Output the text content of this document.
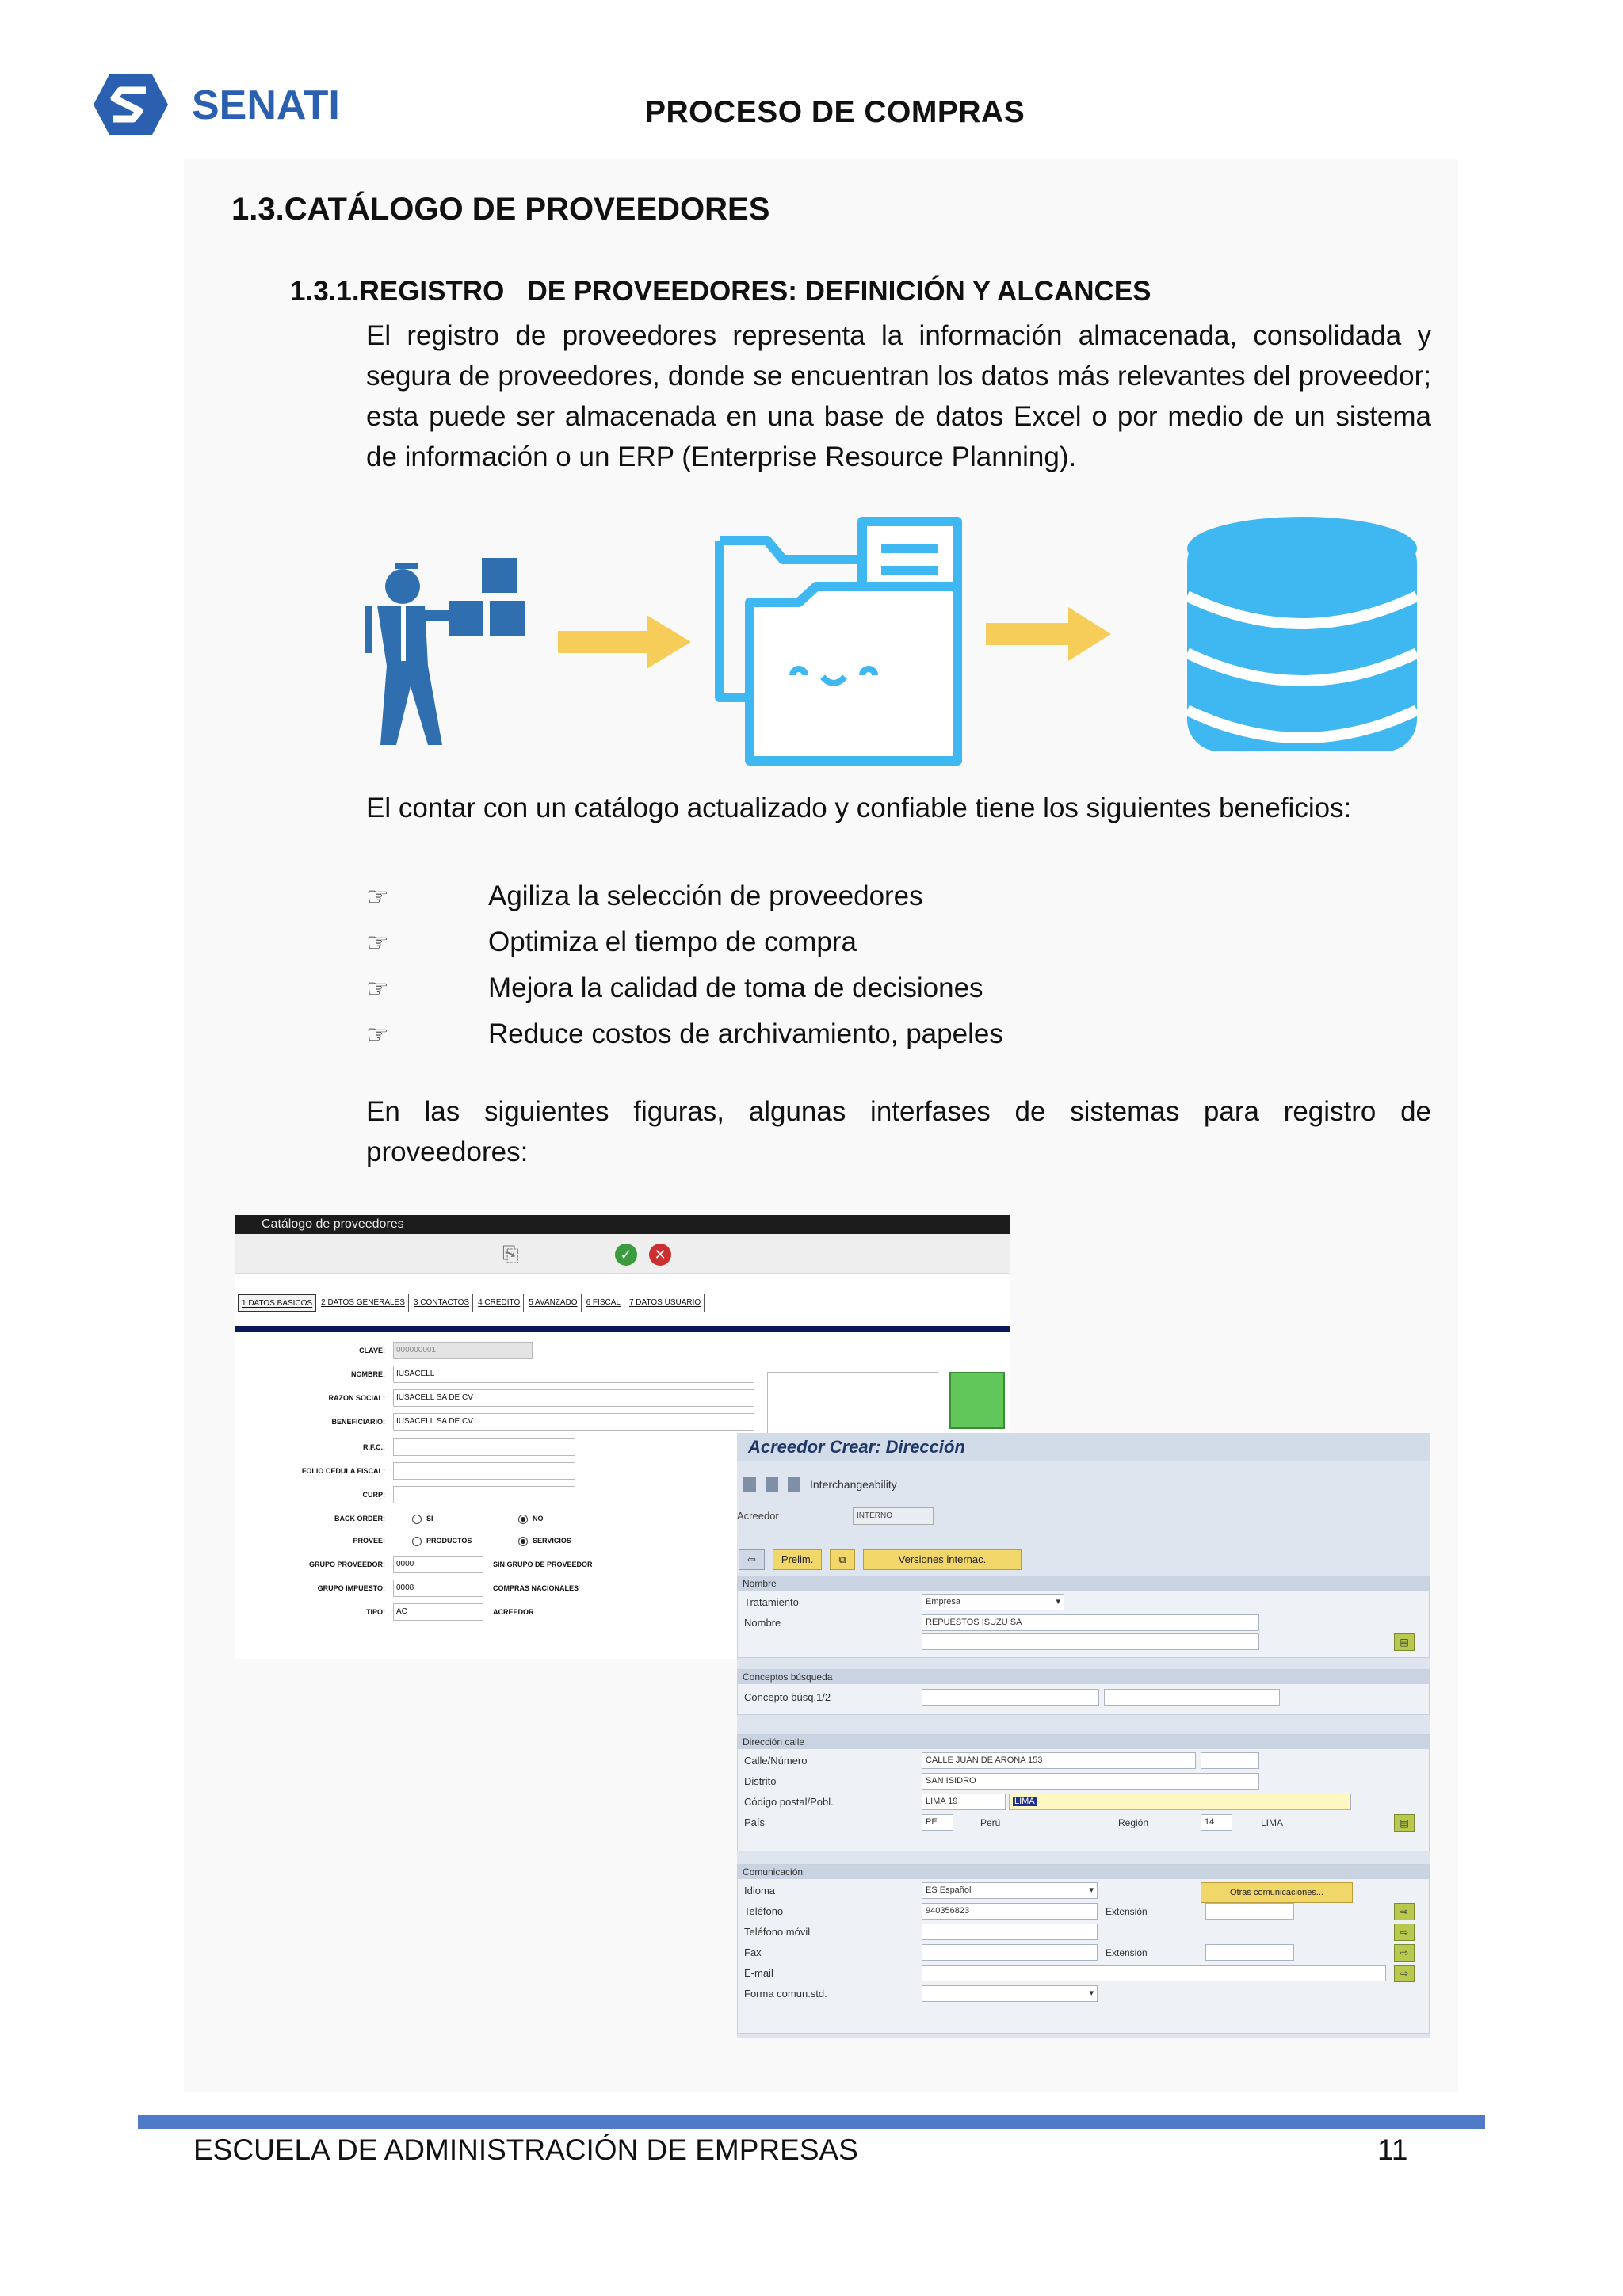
SENATI	PROCESO DE COMPRAS
1.3.CATÁLOGO DE PROVEEDORES
1.3.1.REGISTRO   DE PROVEEDORES: DEFINICIÓN Y ALCANCES

El registro de proveedores representa la información almacenada, consolidada y segura de proveedores, donde se encuentran los datos más relevantes del proveedor; esta puede ser almacenada en una base de datos Excel o por medio de un sistema de información o un ERP (Enterprise Resource Planning).

El contar con un catálogo actualizado y confiable tiene los siguientes beneficios:

☞	Agiliza la selección de proveedores
☞	Optimiza el tiempo de compra
☞	Mejora la calidad de toma de decisiones
☞	Reduce costos de archivamiento, papeles

En las siguientes figuras, algunas interfases de sistemas para registro de proveedores:

Catálogo de proveedores
⎘	✓	✕
1 DATOS BASICOS	2 DATOS GENERALES	3 CONTACTOS	4 CREDITO	5 AVANZADO	6 FISCAL	7 DATOS USUARIO
CLAVE:	000000001
NOMBRE:	IUSACELL
RAZON SOCIAL:	IUSACELL SA DE CV
BENEFICIARIO:	IUSACELL SA DE CV
R.F.C.:
FOLIO CEDULA FISCAL:
CURP:
BACK ORDER:	SI	NO
PROVEE:	PRODUCTOS	SERVICIOS
GRUPO PROVEEDOR:	0000	SIN GRUPO DE PROVEEDOR
GRUPO IMPUESTO:	0008	COMPRAS NACIONALES
TIPO:	AC	ACREEDOR
Acreedor Crear: Dirección
Interchangeability
Acreedor	INTERNO
⇦	Prelim.	⧉	Versiones internac.
Nombre
Tratamiento	Empresa ▾
Nombre	REPUESTOS ISUZU SA
▤
Conceptos búsqueda
Concepto búsq.1/2
Dirección calle
Calle/Número	CALLE JUAN DE ARONA 153
Distrito	SAN ISIDRO
Código postal/Pobl.	LIMA 19	LIMA
País	PE	Perú	Región	14	LIMA	▤
Comunicación
Idioma	ES Español ▾	Otras comunicaciones...
Teléfono	940356823	Extensión	⇨
Teléfono móvil	⇨
Fax	Extensión	⇨
E-mail	⇨
Forma comun.std.
▾
ESCUELA DE ADMINISTRACIÓN DE EMPRESAS	11
